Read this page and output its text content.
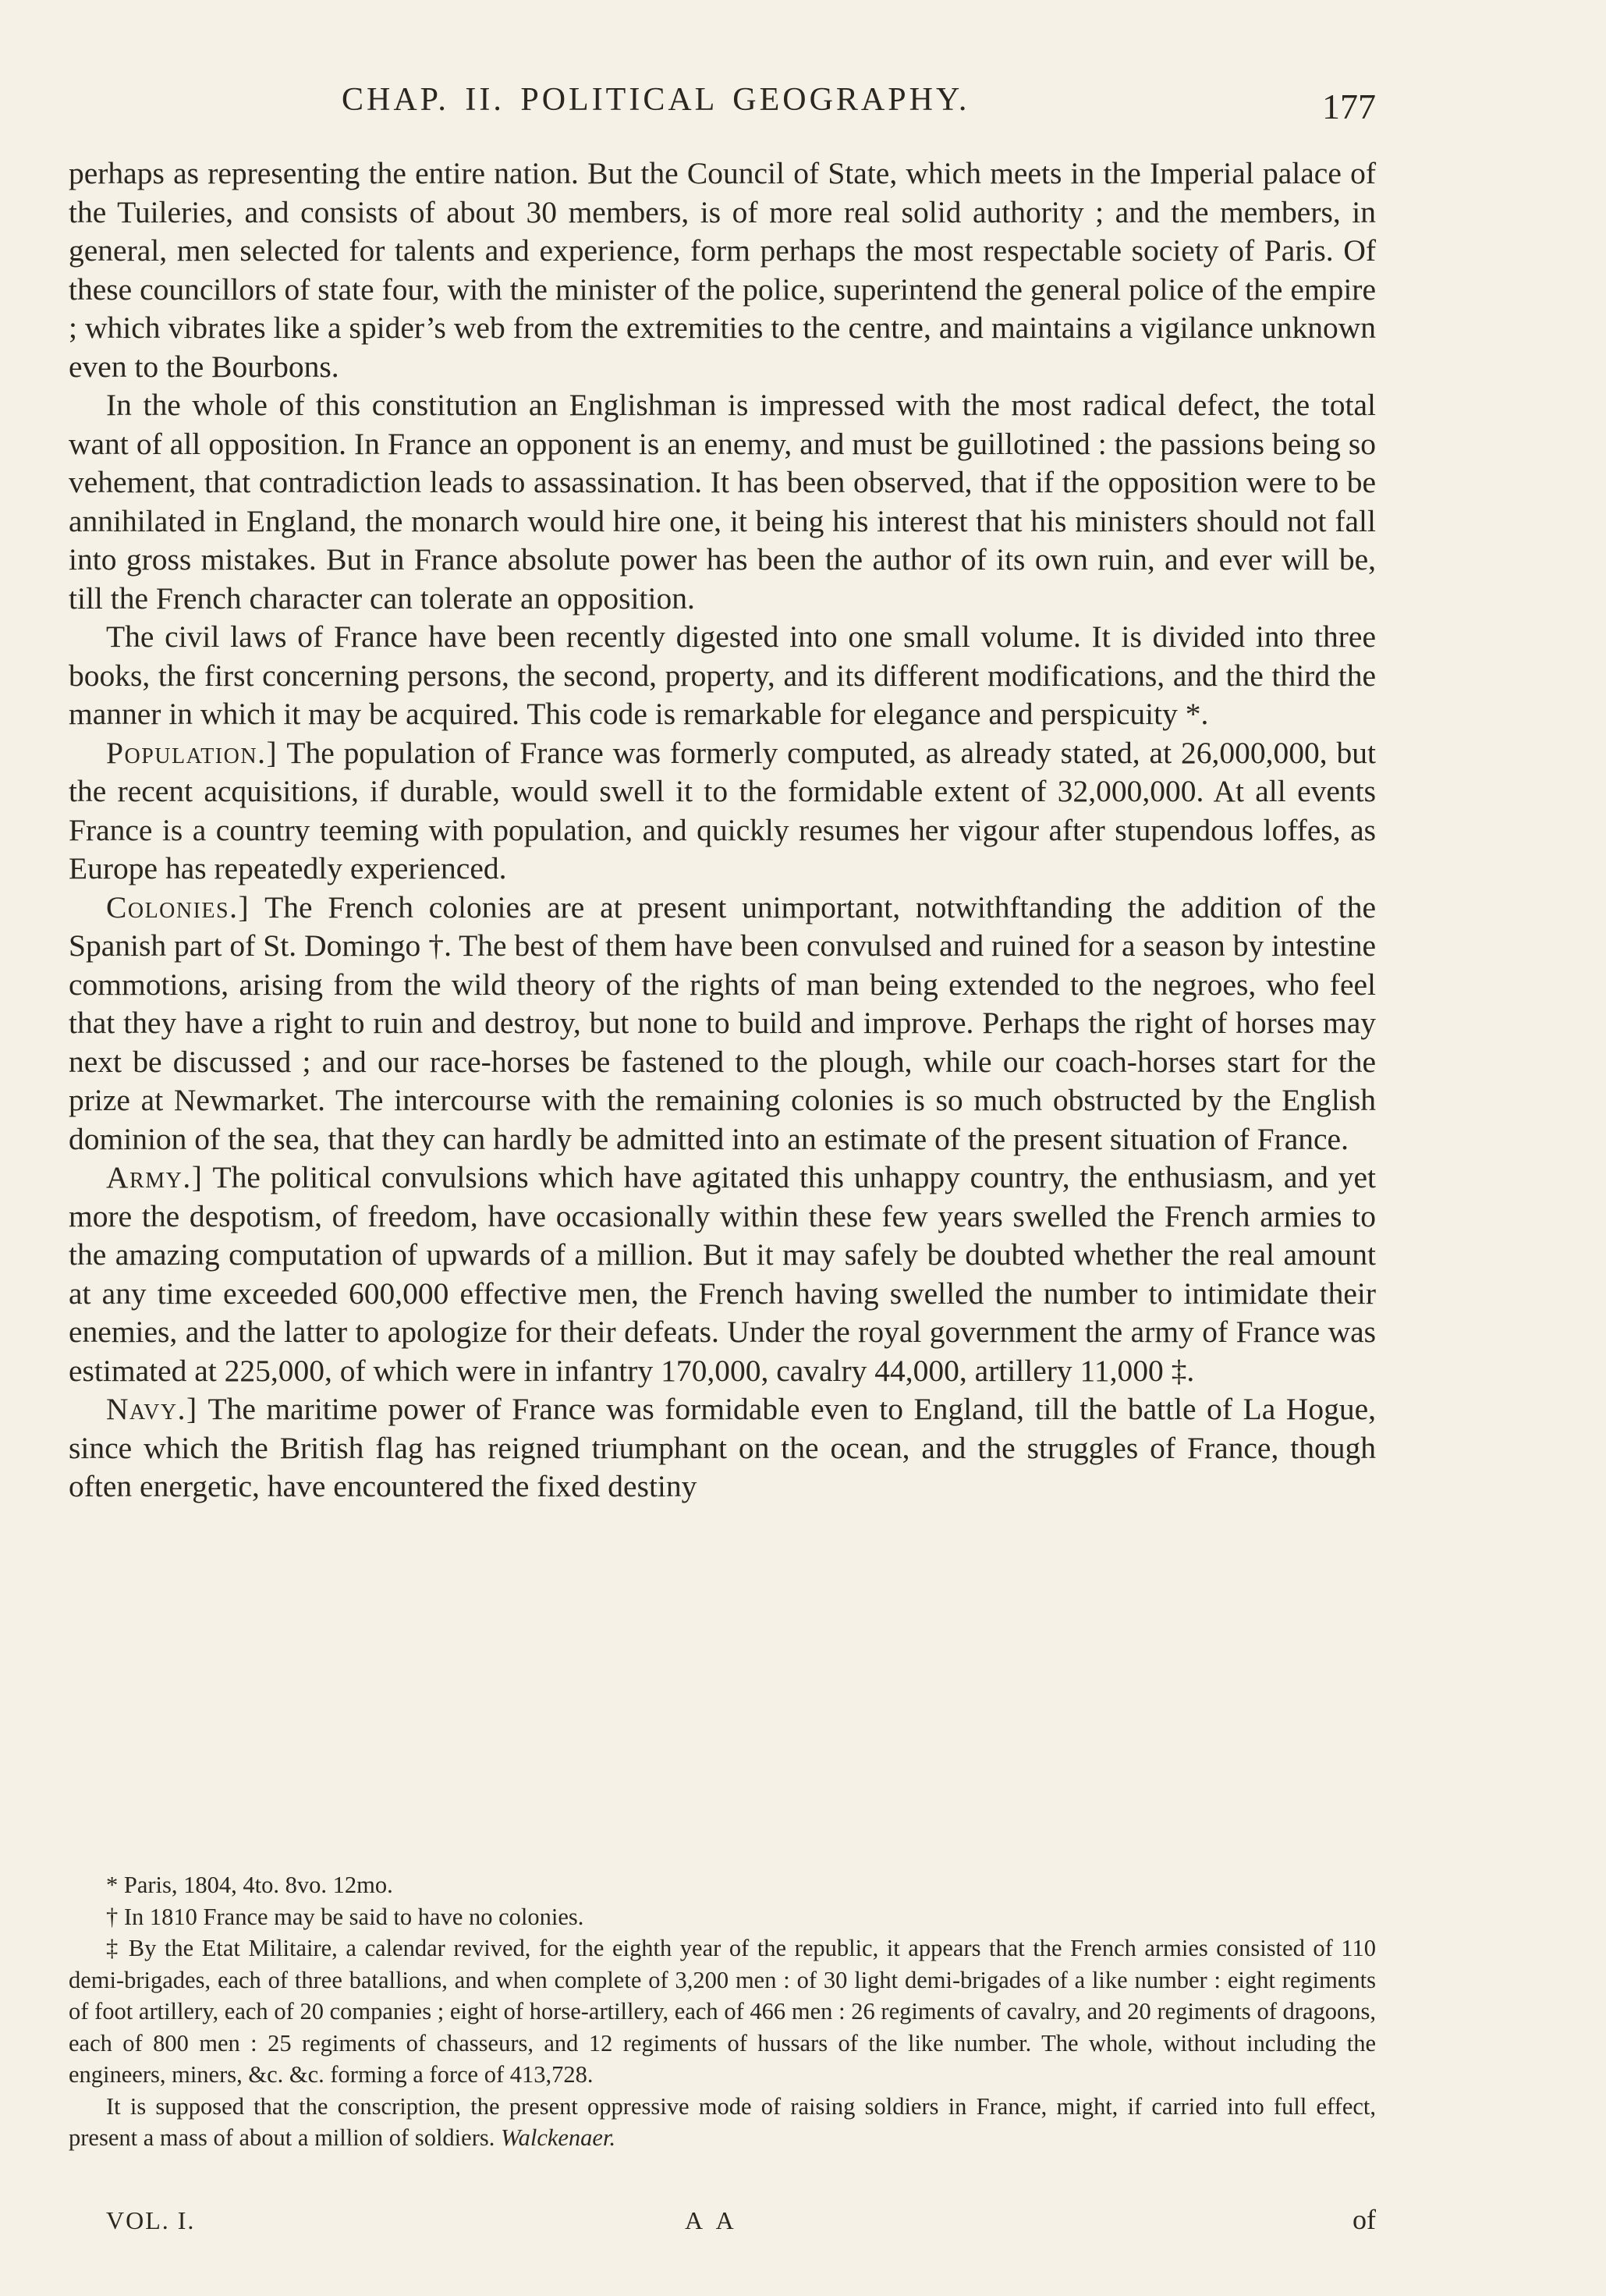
CHAP. II. POLITICAL GEOGRAPHY.	177

perhaps as representing the entire nation. But the Council of State, which meets in the Imperial palace of the Tuileries, and consists of about 30 members, is of more real solid authority ; and the members, in general, men selected for talents and experience, form perhaps the most respectable society of Paris. Of these councillors of state four, with the minister of the police, superintend the general police of the empire ; which vibrates like a spider’s web from the extremities to the centre, and maintains a vigilance unknown even to the Bourbons.

In the whole of this constitution an Englishman is impressed with the most radical defect, the total want of all opposition. In France an opponent is an enemy, and must be guillotined : the passions being so vehement, that contradiction leads to assassination. It has been observed, that if the opposition were to be annihilated in England, the monarch would hire one, it being his interest that his ministers should not fall into gross mistakes. But in France absolute power has been the author of its own ruin, and ever will be, till the French character can tolerate an opposition.

The civil laws of France have been recently digested into one small volume. It is divided into three books, the first concerning persons, the second, property, and its different modifications, and the third the manner in which it may be acquired. This code is remarkable for elegance and perspicuity *.

Population.] The population of France was formerly computed, as already stated, at 26,000,000, but the recent acquisitions, if durable, would swell it to the formidable extent of 32,000,000. At all events France is a country teeming with population, and quickly resumes her vigour after stupendous loffes, as Europe has repeatedly experienced.

Colonies.] The French colonies are at present unimportant, notwithftanding the addition of the Spanish part of St. Domingo †. The best of them have been convulsed and ruined for a season by intestine commotions, arising from the wild theory of the rights of man being extended to the negroes, who feel that they have a right to ruin and destroy, but none to build and improve. Perhaps the right of horses may next be discussed ; and our race-horses be fastened to the plough, while our coach-horses start for the prize at Newmarket. The intercourse with the remaining colonies is so much obstructed by the English dominion of the sea, that they can hardly be admitted into an estimate of the present situation of France.

Army.] The political convulsions which have agitated this unhappy country, the enthusiasm, and yet more the despotism, of freedom, have occasionally within these few years swelled the French armies to the amazing computation of upwards of a million. But it may safely be doubted whether the real amount at any time exceeded 600,000 effective men, the French having swelled the number to intimidate their enemies, and the latter to apologize for their defeats. Under the royal government the army of France was estimated at 225,000, of which were in infantry 170,000, cavalry 44,000, artillery 11,000 ‡.

Navy.] The maritime power of France was formidable even to England, till the battle of La Hogue, since which the British flag has reigned triumphant on the ocean, and the struggles of France, though often energetic, have encountered the fixed destiny

* Paris, 1804, 4to. 8vo. 12mo.

† In 1810 France may be said to have no colonies.

‡ By the Etat Militaire, a calendar revived, for the eighth year of the republic, it appears that the French armies consisted of 110 demi-brigades, each of three batallions, and when complete of 3,200 men : of 30 light demi-brigades of a like number : eight regiments of foot artillery, each of 20 companies ; eight of horse-artillery, each of 466 men : 26 regiments of cavalry, and 20 regiments of dragoons, each of 800 men : 25 regiments of chasseurs, and 12 regiments of hussars of the like number. The whole, without including the engineers, miners, &c. &c. forming a force of 413,728.

It is supposed that the conscription, the present oppressive mode of raising soldiers in France, might, if carried into full effect, present a mass of about a million of soldiers. Walckenaer.

VOL. I.	A A	of
